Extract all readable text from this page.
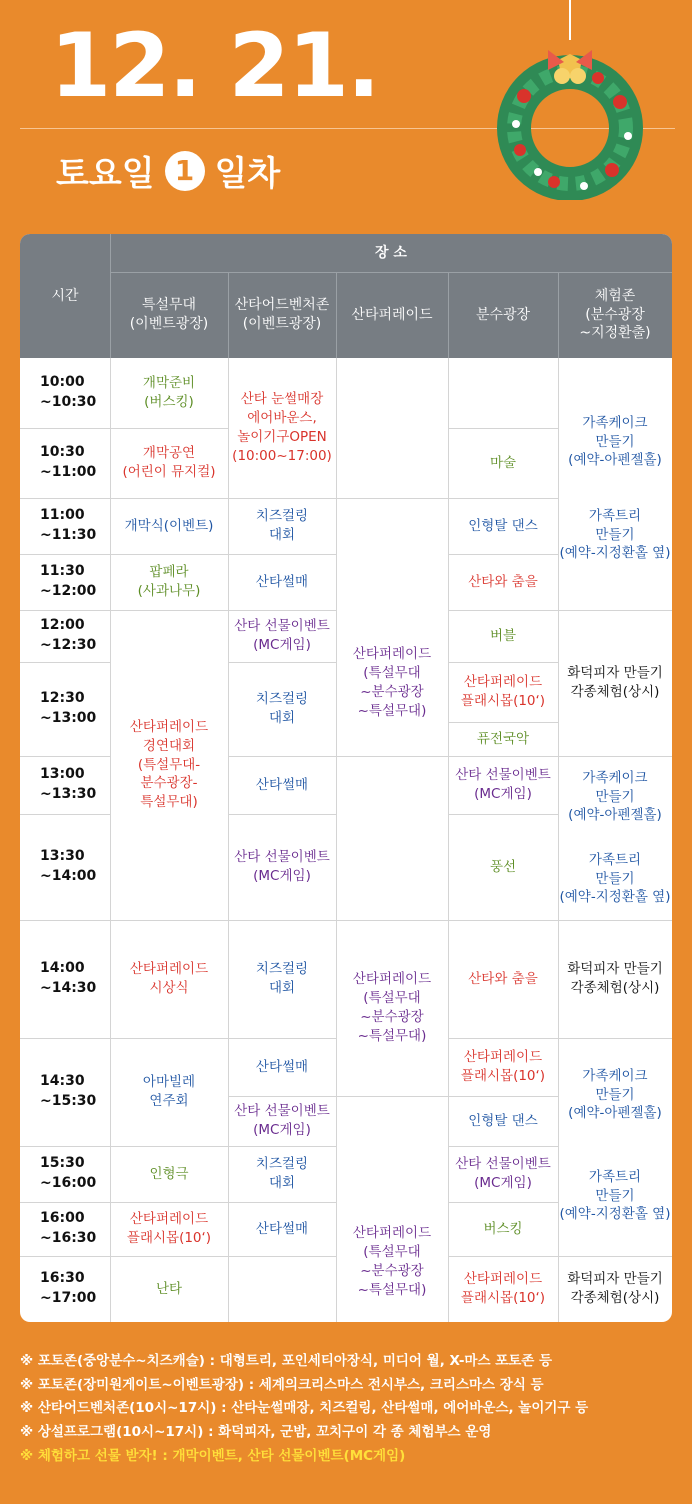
12. 21.
토요일 1 일차
시간
장 소
특설무대
(이벤트광장)
산타어드벤처존
(이벤트광장)
산타퍼레이드	분수광장
체험존
(분수광장
~지정환출)
10:00
~10:30
10:30
~11:00
11:00
~11:30
11:30
~12:00
12:00
~12:30
12:30
~13:00
13:00
~13:30
13:30
~14:00
14:00
~14:30
14:30
~15:30
15:30
~16:00
16:00
~16:30
16:30
~17:00
개막준비
(버스킹)
개막공연
(어린이 뮤지컬)
개막식(이벤트)
팝페라
(사과나무)
산타퍼레이드
경연대회
(특설무대-
분수광장-
특설무대)
산타퍼레이드
시상식
아마빌레
연주회
인형극
산타퍼레이드
플래시몹(10‘)
난타
산타 눈썰매장
에어바운스,
놀이기구OPEN
(10:00~17:00)
치즈컬링
대회
산타썰매
산타 선물이벤트
(MC게임)
치즈컬링
대회
산타썰매
산타 선물이벤트
(MC게임)
치즈컬링
대회
산타썰매
산타 선물이벤트
(MC게임)
치즈컬링
대회
산타썰매
산타퍼레이드
(특설무대
~분수광장
~특설무대)
산타퍼레이드
(특설무대
~분수광장
~특설무대)
산타퍼레이드
(특설무대
~분수광장
~특설무대)
마술
인형탈 댄스
산타와 춤을
버블
산타퍼레이드
플래시몹(10‘)
퓨전국악
산타 선물이벤트
(MC게임)
풍선
산타와 춤을
산타퍼레이드
플래시몹(10‘)
인형탈 댄스
산타 선물이벤트
(MC게임)
버스킹
산타퍼레이드
플래시몹(10‘)
가족케이크
만들기
(예약-아펜젤홀)
가족트리
만들기
(예약-지정환홀 옆)
화덕피자 만들기
각종체험(상시)
가족케이크
만들기
(예약-아펜젤홀)
가족트리
만들기
(예약-지정환홀 옆)
화덕피자 만들기
각종체험(상시)
가족케이크
만들기
(예약-아펜젤홀)
가족트리
만들기
(예약-지정환홀 옆)
화덕피자 만들기
각종체험(상시)

※ 포토존(중앙분수~치즈캐슬) : 대형트리, 포인세티아장식, 미디어 월, X-마스 포토존 등

※ 포토존(장미원게이트~이벤트광장) : 세계의크리스마스 전시부스, 크리스마스 장식 등

※ 산타어드벤처존(10시~17시) : 산타눈썰매장, 치즈컬링, 산타썰매, 에어바운스, 놀이기구 등

※ 상설프로그램(10시~17시) : 화덕피자, 군밤, 꼬치구이 각 종 체험부스 운영

※ 체험하고 선물 받자! : 개막이벤트, 산타 선물이벤트(MC게임)
